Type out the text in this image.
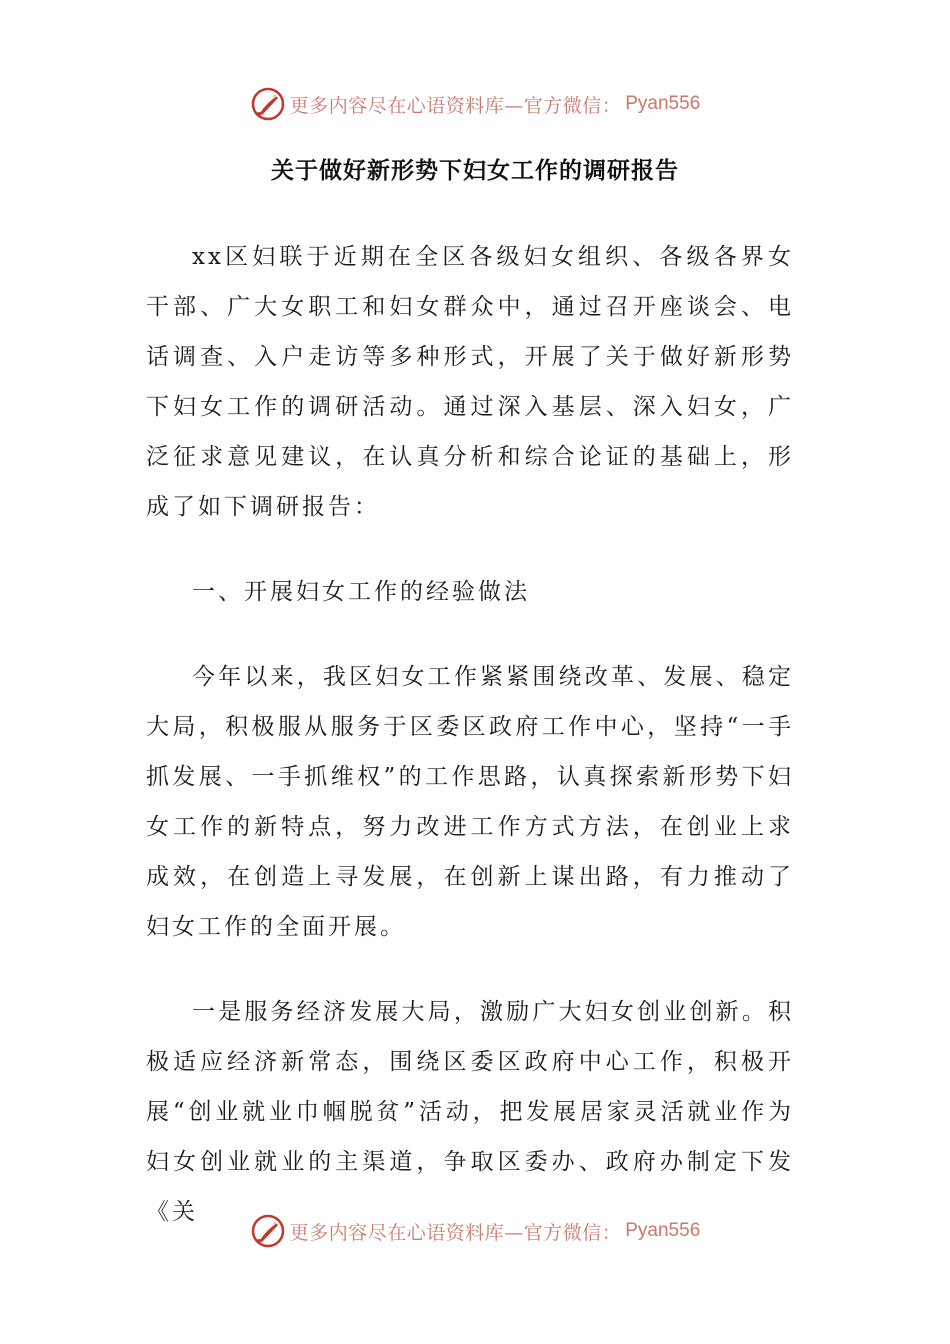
更多内容尽在心语资料库—官方微信： Pyan556
关于做好新形势下妇女工作的调研报告

xx区妇联于近期在全区各级妇女组织、各级各界女干部、广大女职工和妇女群众中，通过召开座谈会、电话调查、入户走访等多种形式，开展了关于做好新形势下妇女工作的调研活动。通过深入基层、深入妇女，广泛征求意见建议，在认真分析和综合论证的基础上，形成了如下调研报告：

一、开展妇女工作的经验做法

今年以来，我区妇女工作紧紧围绕改革、发展、稳定大局，积极服从服务于区委区政府工作中心，坚持“一手抓发展、一手抓维权”的工作思路，认真探索新形势下妇女工作的新特点，努力改进工作方式方法，在创业上求成效，在创造上寻发展，在创新上谋出路，有力推动了妇女工作的全面开展。

一是服务经济发展大局，激励广大妇女创业创新。积极适应经济新常态，围绕区委区政府中心工作，积极开展“创业就业巾帼脱贫”活动，把发展居家灵活就业作为妇女创业就业的主渠道，争取区委办、政府办制定下发《关

更多内容尽在心语资料库—官方微信： Pyan556
